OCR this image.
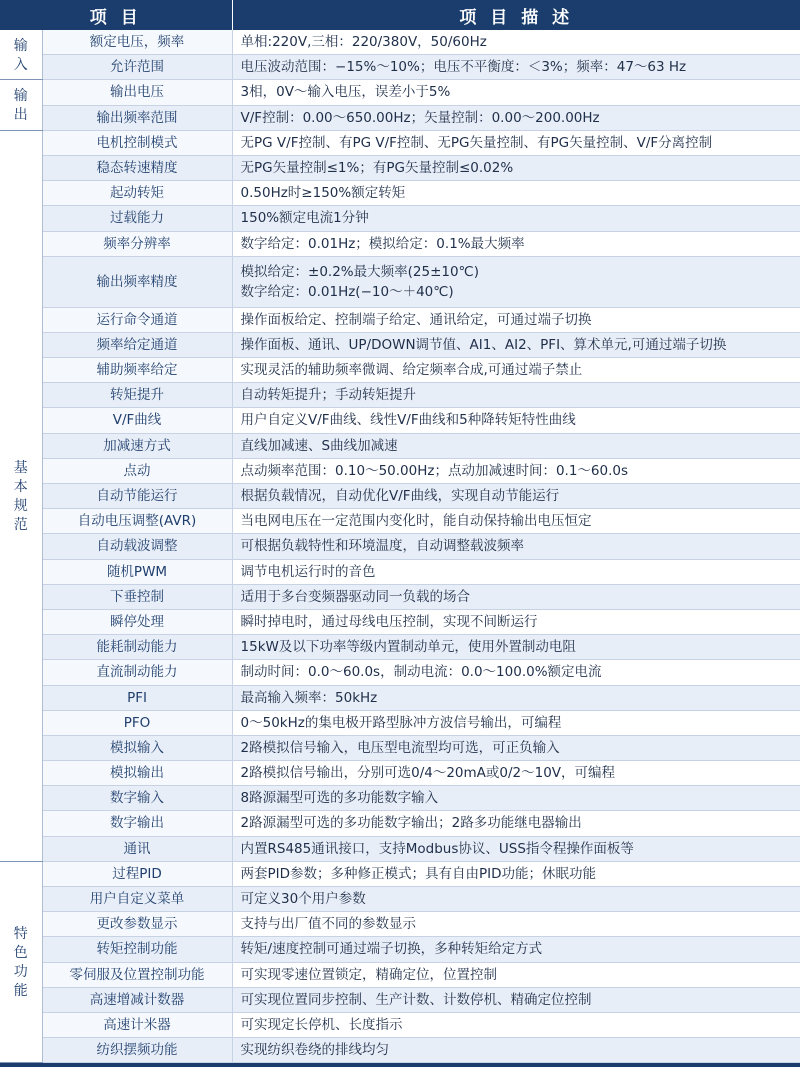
项 目		项 目 描 述

输
入	额定电压，频率	单相:220V,三相：220/380V，50/60Hz
	允许范围	电压波动范围：−15%～10%；电压不平衡度：＜3%；频率：47～63 Hz

输
出	输出电压	3相，0V～输入电压，误差小于5%
	输出频率范围	V/F控制：0.00～650.00Hz；矢量控制：0.00～200.00Hz

基
本
规
范	电机控制模式	无PG V/F控制、有PG V/F控制、无PG矢量控制、有PG矢量控制、V/F分离控制
	稳态转速精度	无PG矢量控制≤1%；有PG矢量控制≤0.02%
	起动转矩	0.50Hz时≥150%额定转矩
	过载能力	150%额定电流1分钟
	频率分辨率	数字给定：0.01Hz；模拟给定：0.1%最大频率
	输出频率精度	模拟给定：±0.2%最大频率(25±10℃)
数字给定：0.01Hz(−10～＋40℃)

	运行命令通道	操作面板给定、控制端子给定、通讯给定，可通过端子切换
	频率给定通道	操作面板、通讯、UP/DOWN调节值、AI1、AI2、PFI、算术单元,可通过端子切换
	辅助频率给定	实现灵活的辅助频率微调、给定频率合成,可通过端子禁止
	转矩提升	自动转矩提升；手动转矩提升
	V/F曲线	用户自定义V/F曲线、线性V/F曲线和5种降转矩特性曲线
	加减速方式	直线加减速、S曲线加减速
	点动	点动频率范围：0.10～50.00Hz；点动加减速时间：0.1～60.0s
	自动节能运行	根据负载情况，自动优化V/F曲线，实现自动节能运行
	自动电压调整(AVR)	当电网电压在一定范围内变化时，能自动保持输出电压恒定
	自动载波调整	可根据负载特性和环境温度，自动调整载波频率
	随机PWM	调节电机运行时的音色
	下垂控制	适用于多台变频器驱动同一负载的场合
	瞬停处理	瞬时掉电时，通过母线电压控制，实现不间断运行
	能耗制动能力	15kW及以下功率等级内置制动单元，使用外置制动电阻
	直流制动能力	制动时间：0.0～60.0s，制动电流：0.0～100.0%额定电流
	PFI	最高输入频率：50kHz
	PFO	0～50kHz的集电极开路型脉冲方波信号输出，可编程
	模拟输入	2路模拟信号输入，电压型电流型均可选，可正负输入
	模拟输出	2路模拟信号输出，分别可选0/4～20mA或0/2～10V，可编程
	数字输入	8路源漏型可选的多功能数字输入
	数字输出	2路源漏型可选的多功能数字输出；2路多功能继电器输出
	通讯	内置RS485通讯接口，支持Modbus协议、USS指令程操作面板等

特
色
功
能	过程PID	两套PID参数；多种修正模式；具有自由PID功能；休眠功能
	用户自定义菜单	可定义30个用户参数
	更改参数显示	支持与出厂值不同的参数显示
	转矩控制功能	转矩/速度控制可通过端子切换，多种转矩给定方式
	零伺服及位置控制功能	可实现零速位置锁定，精确定位，位置控制
	高速增减计数器	可实现位置同步控制、生产计数、计数停机、精确定位控制
	高速计米器	可实现定长停机、长度指示
	纺织摆频功能	实现纺织卷绕的排线均匀
